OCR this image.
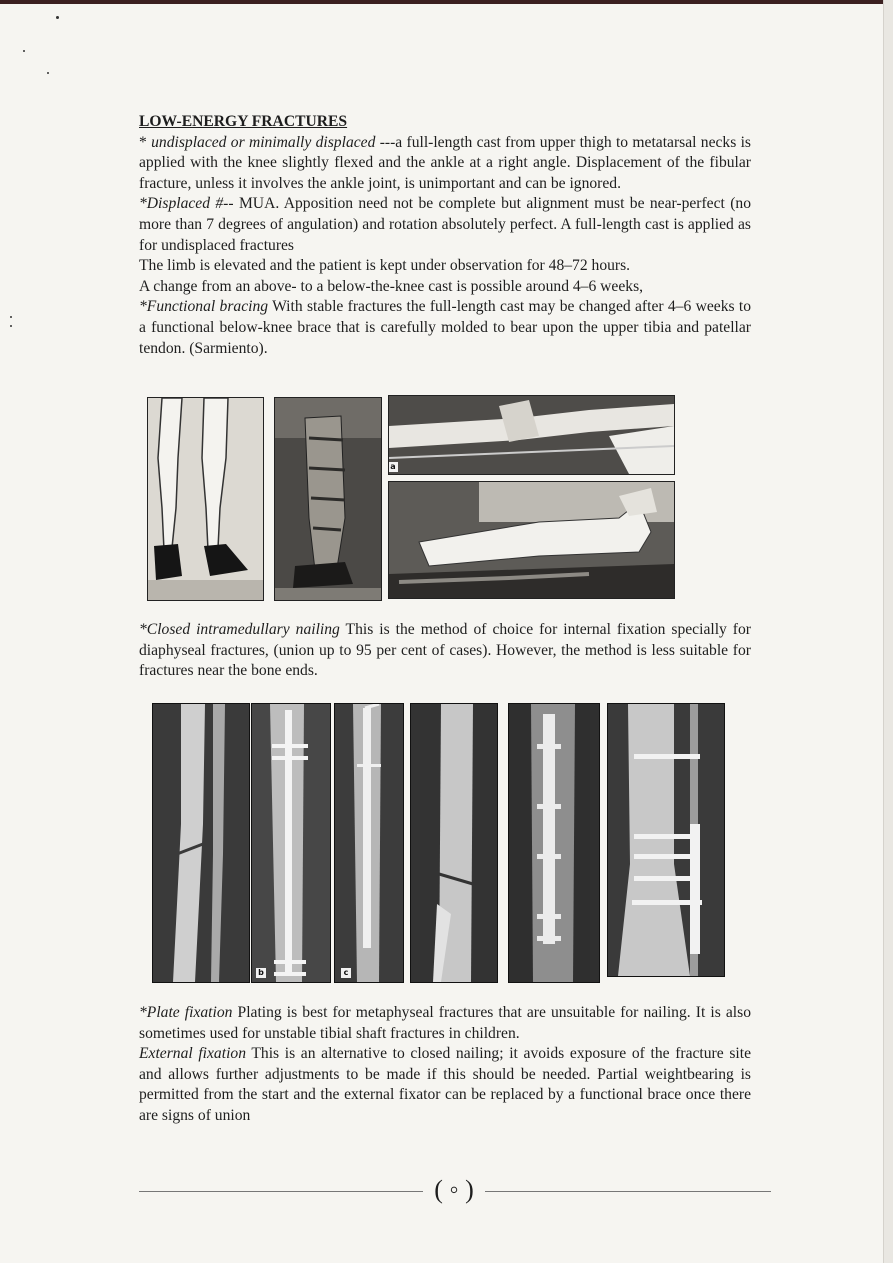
LOW-ENERGY FRACTURES

* undisplaced or minimally displaced ---a full-length cast from upper thigh to metatarsal necks is applied with the knee slightly flexed and the ankle at a right angle. Displacement of the fibular fracture, unless it involves the ankle joint, is unimportant and can be ignored.

*Displaced #-- MUA. Apposition need not be complete but alignment must be near-perfect (no more than 7 degrees of angulation) and rotation absolutely perfect. A full-length cast is applied as for undisplaced fractures

The limb is elevated and the patient is kept under observation for 48–72 hours.

A change from an above- to a below-the-knee cast is possible around 4–6 weeks,

*Functional bracing With stable fractures the full-length cast may be changed after 4–6 weeks to a functional below-knee brace that is carefully molded to bear upon the upper tibia and patellar tendon. (Sarmiento).

a

*Closed intramedullary nailing This is the method of choice for internal fixation specially for diaphyseal fractures, (union up to 95 per cent of cases). However, the method is less suitable for fractures near the bone ends.

b	c

*Plate fixation Plating is best for metaphyseal fractures that are unsuitable for nailing. It is also sometimes used for unstable tibial shaft fractures in children.

External fixation This is an alternative to closed nailing; it avoids exposure of the fracture site and allows further adjustments to be made if this should be needed. Partial weightbearing is permitted from the start and the external fixator can be replaced by a functional brace once there are signs of union

( ◦ )
